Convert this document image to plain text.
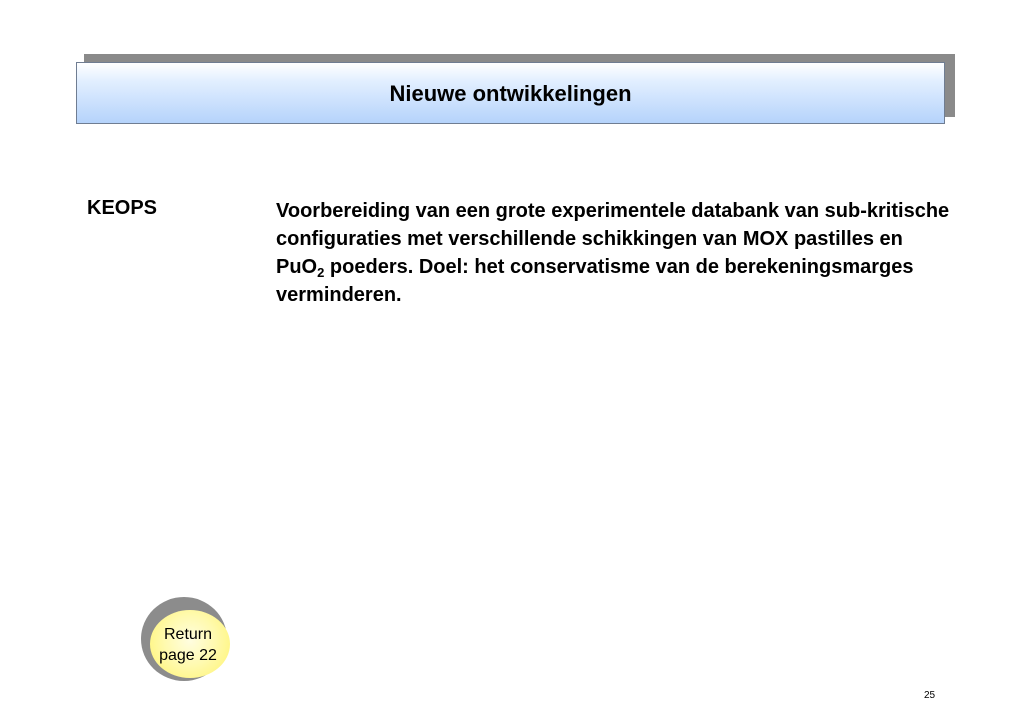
Nieuwe ontwikkelingen
KEOPS	Voorbereiding van een grote experimentele databank van sub-kritische configuraties met verschillende schikkingen van MOX pastilles en PuO$_2$ poeders. Doel: het conservatisme van de berekeningsmarges verminderen.
Return
page 22
25
